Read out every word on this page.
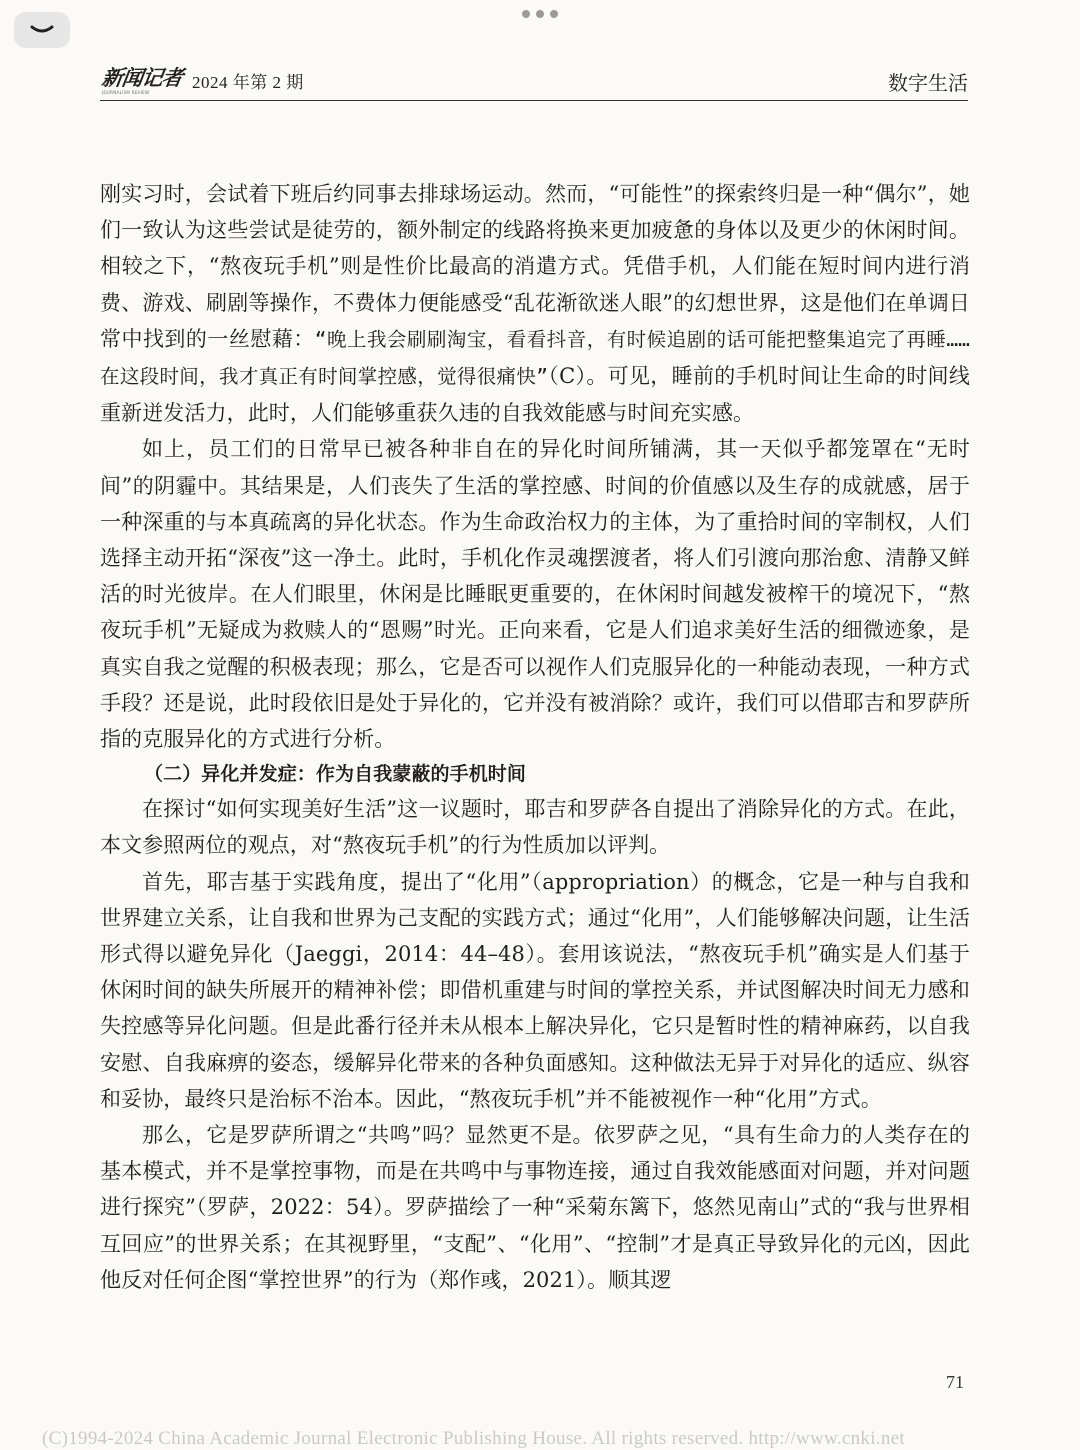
新闻记者
JOURNALISM REVIEW
2024 年第 2 期	数字生活

刚实习时，会试着下班后约同事去排球场运动。然而，“可能性”的探索终归是一种“偶尔”，她们一致认为这些尝试是徒劳的，额外制定的线路将换来更加疲惫的身体以及更少的休闲时间。相较之下，“熬夜玩手机”则是性价比最高的消遣方式。凭借手机，人们能在短时间内进行消费、游戏、刷剧等操作，不费体力便能感受“乱花渐欲迷人眼”的幻想世界，这是他们在单调日常中找到的一丝慰藉：“晚上我会刷刷淘宝，看看抖音，有时候追剧的话可能把整集追完了再睡……在这段时间，我才真正有时间掌控感，觉得很痛快”（C）。可见，睡前的手机时间让生命的时间线重新迸发活力，此时，人们能够重获久违的自我效能感与时间充实感。

如上，员工们的日常早已被各种非自在的异化时间所铺满，其一天似乎都笼罩在“无时间”的阴霾中。其结果是，人们丧失了生活的掌控感、时间的价值感以及生存的成就感，居于一种深重的与本真疏离的异化状态。作为生命政治权力的主体，为了重拾时间的宰制权，人们选择主动开拓“深夜”这一净土。此时，手机化作灵魂摆渡者，将人们引渡向那治愈、清静又鲜活的时光彼岸。在人们眼里，休闲是比睡眠更重要的，在休闲时间越发被榨干的境况下，“熬夜玩手机”无疑成为救赎人的“恩赐”时光。正向来看，它是人们追求美好生活的细微迹象，是真实自我之觉醒的积极表现；那么，它是否可以视作人们克服异化的一种能动表现，一种方式手段？还是说，此时段依旧是处于异化的，它并没有被消除？或许，我们可以借耶吉和罗萨所指的克服异化的方式进行分析。

（二）异化并发症：作为自我蒙蔽的手机时间

在探讨“如何实现美好生活”这一议题时，耶吉和罗萨各自提出了消除异化的方式。在此，本文参照两位的观点，对“熬夜玩手机”的行为性质加以评判。

首先，耶吉基于实践角度，提出了“化用”（appropriation）的概念，它是一种与自我和世界建立关系，让自我和世界为己支配的实践方式；通过“化用”，人们能够解决问题，让生活形式得以避免异化（Jaeggi，2014：44–48）。套用该说法，“熬夜玩手机”确实是人们基于休闲时间的缺失所展开的精神补偿；即借机重建与时间的掌控关系，并试图解决时间无力感和失控感等异化问题。但是此番行径并未从根本上解决异化，它只是暂时性的精神麻药，以自我安慰、自我麻痹的姿态，缓解异化带来的各种负面感知。这种做法无异于对异化的适应、纵容和妥协，最终只是治标不治本。因此，“熬夜玩手机”并不能被视作一种“化用”方式。

那么，它是罗萨所谓之“共鸣”吗？显然更不是。依罗萨之见，“具有生命力的人类存在的基本模式，并不是掌控事物，而是在共鸣中与事物连接，通过自我效能感面对问题，并对问题进行探究”（罗萨，2022：54）。罗萨描绘了一种“采菊东篱下，悠然见南山”式的“我与世界相互回应”的世界关系；在其视野里，“支配”、“化用”、“控制”才是真正导致异化的元凶，因此他反对任何企图“掌控世界”的行为（郑作彧，2021）。顺其逻

71
(C)1994-2024 China Academic Journal Electronic Publishing House. All rights reserved. http://www.cnki.net
